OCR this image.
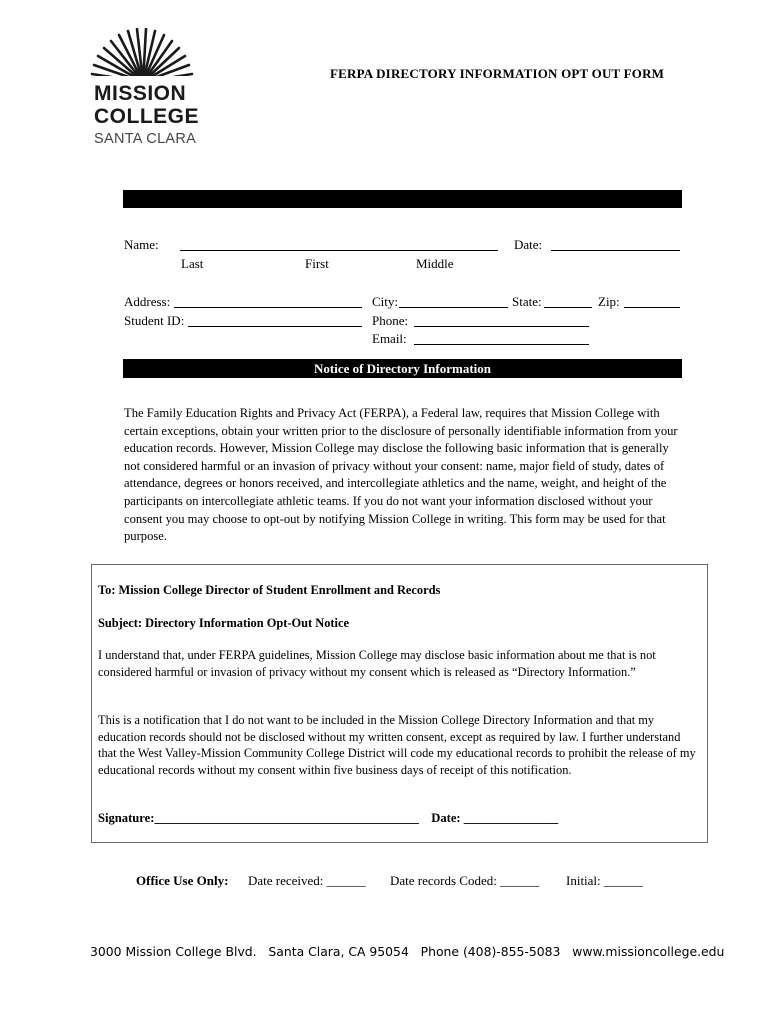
MISSION
COLLEGE
SANTA CLARA
FERPA DIRECTORY INFORMATION OPT OUT FORM
Name:	Date:
Last	First	Middle
Address:	City:	State:	Zip:
Student ID:	Phone:
Email:
Notice of Directory Information
The Family Education Rights and Privacy Act (FERPA), a Federal law, requires that Mission College with certain exceptions, obtain your written prior to the disclosure of personally identifiable information from your education records. However, Mission College may disclose the following basic information that is generally not considered harmful or an invasion of privacy without your consent: name, major field of study, dates of attendance, degrees or honors received, and intercollegiate athletics and the name, weight, and height of the participants on intercollegiate athletic teams. If you do not want your information disclosed without your consent you may choose to opt-out by notifying Mission College in writing. This form may be used for that purpose.
To: Mission College Director of Student Enrollment and Records
Subject: Directory Information Opt-Out Notice
I understand that, under FERPA guidelines, Mission College may disclose basic information about me that is not considered harmful or invasion of privacy without my consent which is released as “Directory Information.”
This is a notification that I do not want to be included in the Mission College Directory Information and that my education records should not be disclosed without my written consent, except as required by law. I further understand that the West Valley-Mission Community College District will code my educational records to prohibit the release of my educational records without my consent within five business days of receipt of this notification.
Signature:__________________________________________ Date: _______________
Office Use Only: Date received: ______ Date records Coded: ______ Initial: ______
3000 Mission College Blvd.   Santa Clara, CA 95054   Phone (408)-855-5083   www.missioncollege.edu
